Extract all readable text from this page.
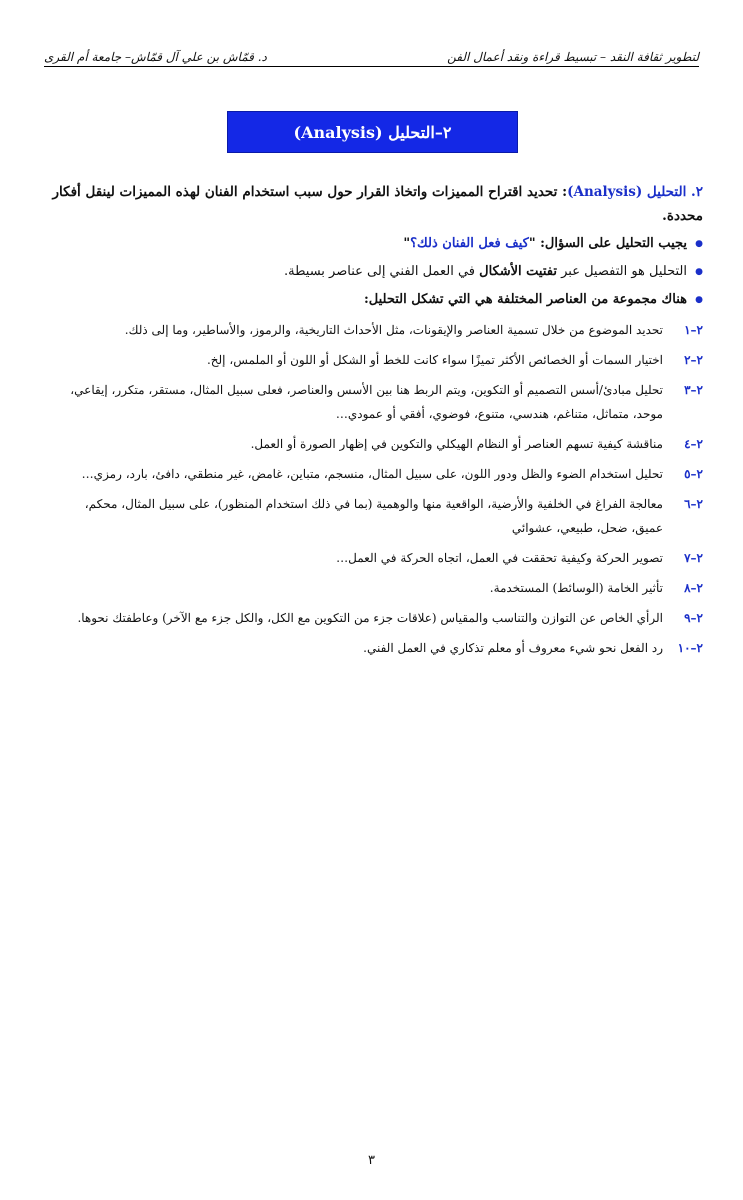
لتطوير ثقافة النقد – تبسيط قراءة ونقد أعمال الفن
د. قمّاش بن علي آل قمّاش– جامعة أم القرى
٢–التحليل (Analysis)
٢. التحليل (Analysis): تحديد اقتراح المميزات واتخاذ القرار حول سبب استخدام الفنان لهذه المميزات لينقل أفكار محددة.
● يجيب التحليل على السؤال: "كيف فعل الفنان ذلك؟"
● التحليل هو التفصيل عبر تفتيت الأشكال في العمل الفني إلى عناصر بسيطة.
● هناك مجموعة من العناصر المختلفة هي التي تشكل التحليل:
٢–١
تحديد الموضوع من خلال تسمية العناصر والإيقونات، مثل الأحداث التاريخية، والرموز، والأساطير، وما إلى ذلك.
٢–٢
اختيار السمات أو الخصائص الأكثر تميزًا سواء كانت للخط أو الشكل أو اللون أو الملمس، إلخ.
٢–٣
تحليل مبادئ/أسس التصميم أو التكوين، ويتم الربط هنا بين الأسس والعناصر، فعلى سبيل المثال، مستقر، متكرر، إيقاعي، موحد، متماثل، متناغم، هندسي، متنوع، فوضوي، أفقي أو عمودي…
٢–٤
مناقشة كيفية تسهم العناصر أو النظام الهيكلي والتكوين في إظهار الصورة أو العمل.
٢–٥
تحليل استخدام الضوء والظل ودور اللون، على سبيل المثال، منسجم، متباين، غامض، غير منطقي، دافئ، بارد، رمزي…
٢–٦
معالجة الفراغ في الخلفية والأرضية، الواقعية منها والوهمية (بما في ذلك استخدام المنظور)، على سبيل المثال، محكم، عميق، ضحل، طبيعي، عشوائي
٢–٧
تصوير الحركة وكيفية تحققت في العمل، اتجاه الحركة في العمل…
٢–٨
تأثير الخامة (الوسائط) المستخدمة.
٢–٩
الرأي الخاص عن التوازن والتناسب والمقياس (علاقات جزء من التكوين مع الكل، والكل جزء مع الآخر) وعاطفتك نحوها.
٢–١٠
رد الفعل نحو شيء معروف أو معلم تذكاري في العمل الفني.
٣
